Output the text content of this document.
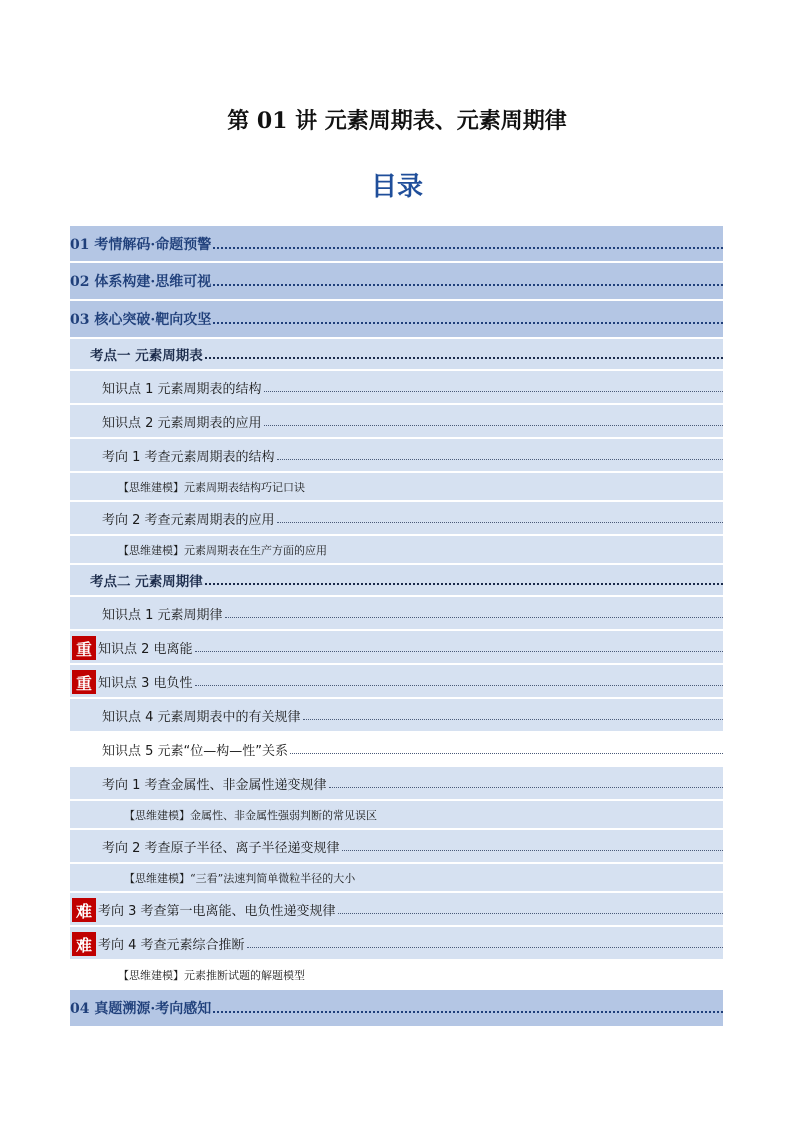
第 01 讲 元素周期表、元素周期律
目录
01 考情解码·命题预警
02 体系构建·思维可视
03 核心突破·靶向攻坚
考点一 元素周期表
知识点 1 元素周期表的结构
知识点 2 元素周期表的应用
考向 1 考查元素周期表的结构
【思维建模】元素周期表结构巧记口诀
考向 2 考查元素周期表的应用
【思维建模】元素周期表在生产方面的应用
考点二 元素周期律
知识点 1 元素周期律
重 知识点 2 电离能
重 知识点 3 电负性
知识点 4 元素周期表中的有关规律
知识点 5 元素“位—构—性”关系
考向 1 考查金属性、非金属性递变规律
【思维建模】金属性、非金属性强弱判断的常见误区
考向 2 考查原子半径、离子半径递变规律
【思维建模】“三看”法速判简单微粒半径的大小
难 考向 3 考查第一电离能、电负性递变规律
难 考向 4 考查元素综合推断
【思维建模】元素推断试题的解题模型
04 真题溯源·考向感知
